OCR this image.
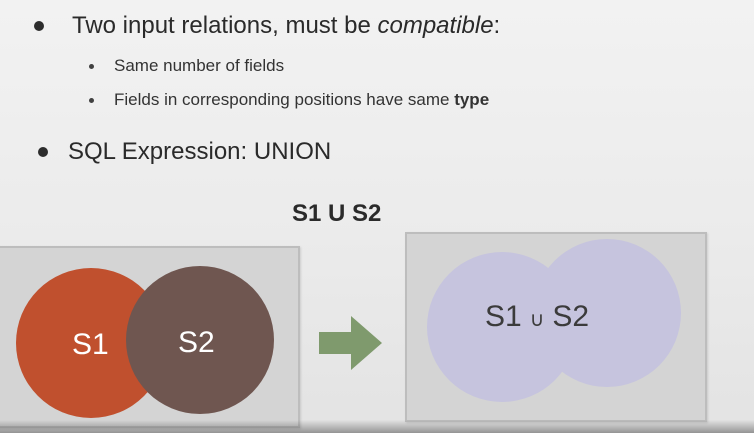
Two input relations, must be compatible:
Same number of fields
Fields in corresponding positions have same type
SQL Expression: UNION
S1 U S2
S1 S2
S1 ∪ S2
